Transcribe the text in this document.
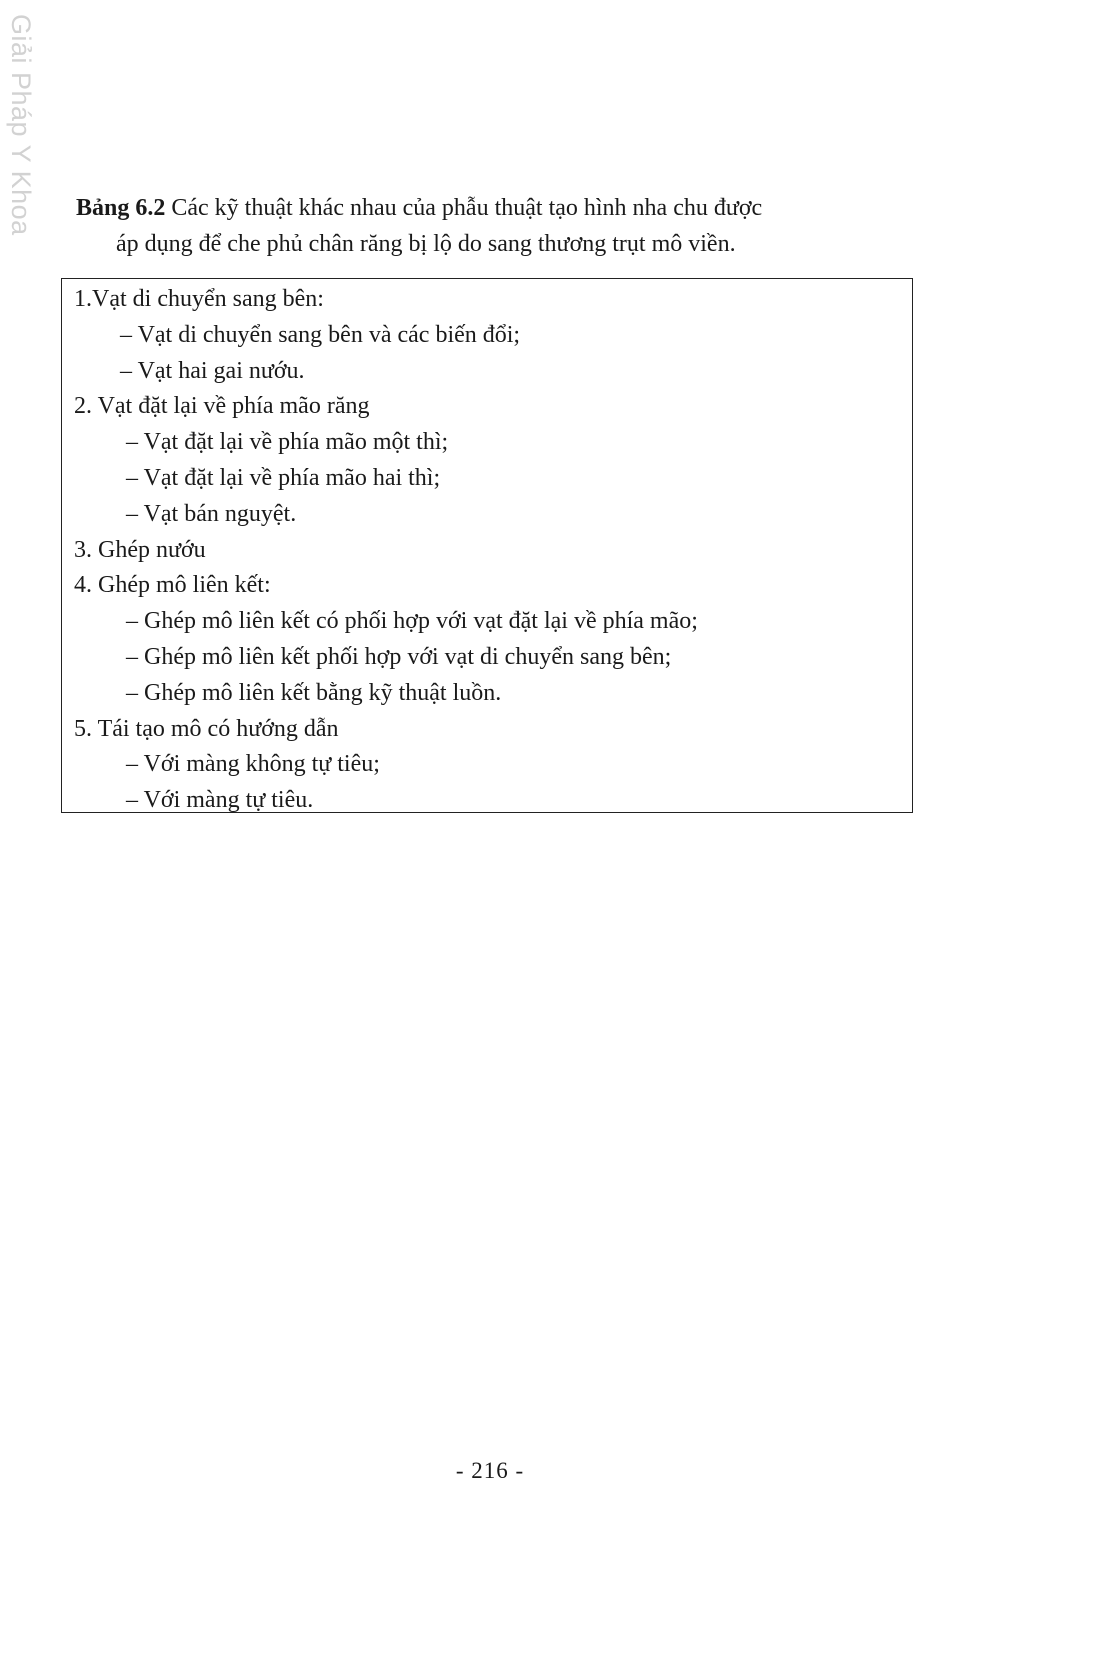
Giải Pháp Y Khoa Bảng 6.2 Các kỹ thuật khác nhau của phẫu thuật tạo hình nha chu được
áp dụng để che phủ chân răng bị lộ do sang thương trụt mô viền.
1.Vạt di chuyển sang bên:
– Vạt di chuyển sang bên và các biến đổi;
– Vạt hai gai nướu.
2. Vạt đặt lại về phía mão răng
– Vạt đặt lại về phía mão một thì;
– Vạt đặt lại về phía mão hai thì;
– Vạt bán nguyệt.
3. Ghép nướu
4. Ghép mô liên kết:
– Ghép mô liên kết có phối hợp với vạt đặt lại về phía mão;
– Ghép mô liên kết phối hợp với vạt di chuyển sang bên;
– Ghép mô liên kết bằng kỹ thuật luồn.
5. Tái tạo mô có hướng dẫn
– Với màng không tự tiêu;
– Với màng tự tiêu.
- 216 -
